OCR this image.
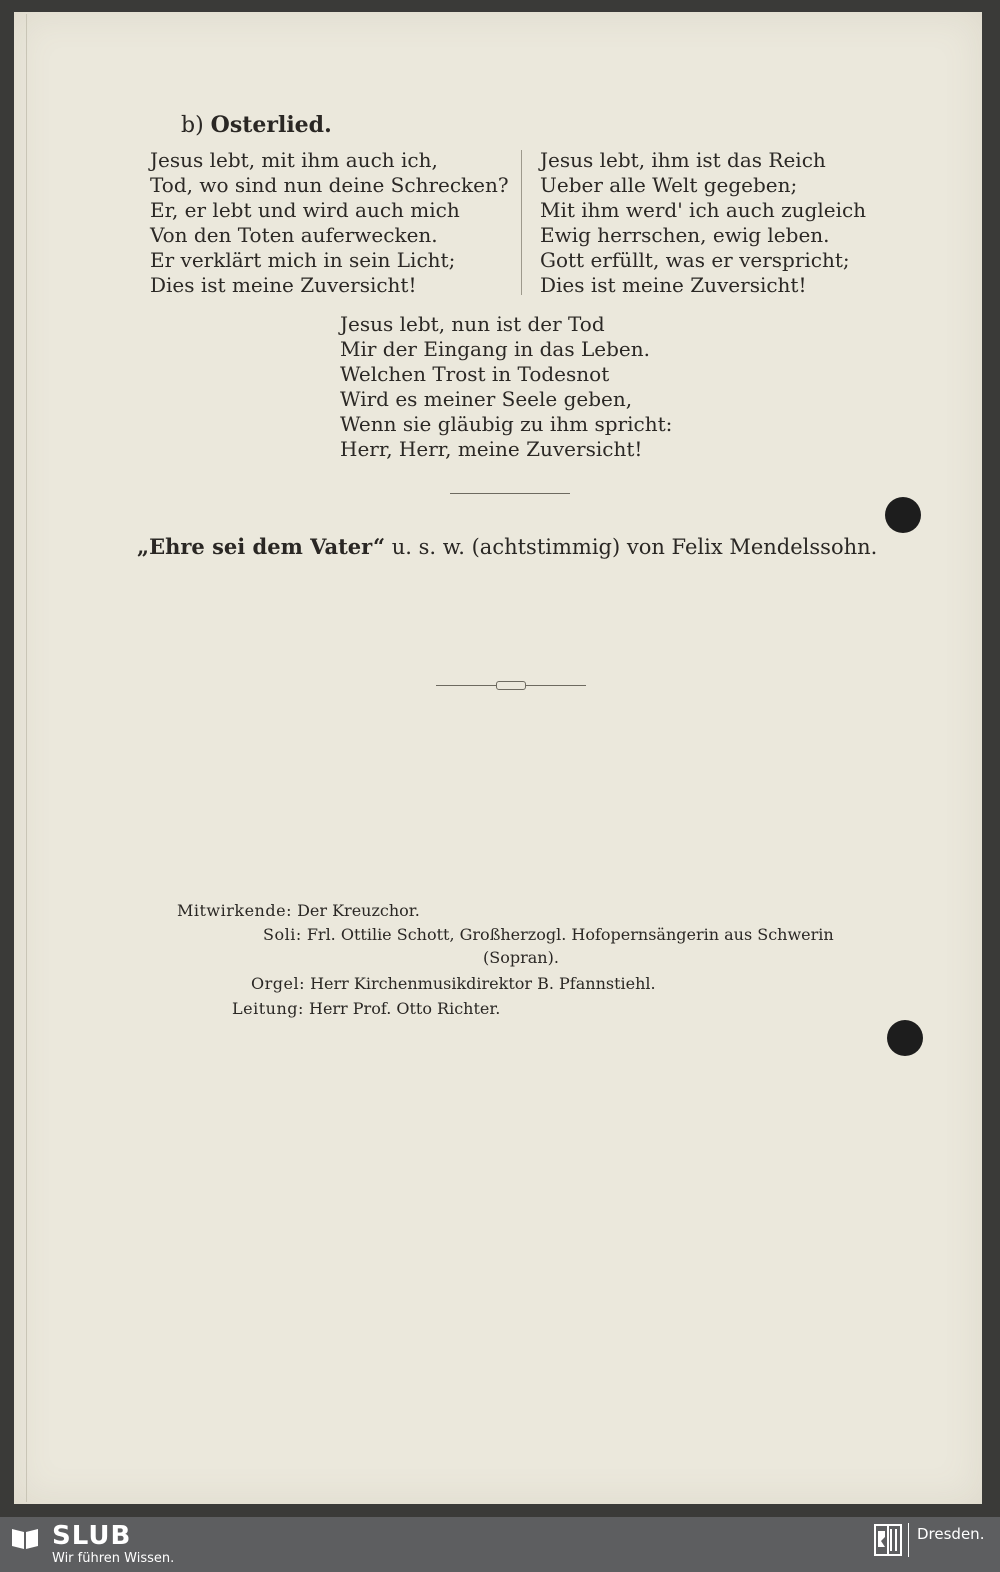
b) Osterlied.
Jesus lebt, mit ihm auch ich,
Tod, wo sind nun deine Schrecken?
Er, er lebt und wird auch mich
Von den Toten auferwecken.
Er verklärt mich in sein Licht;
Dies ist meine Zuversicht!
Jesus lebt, ihm ist das Reich
Ueber alle Welt gegeben;
Mit ihm werd' ich auch zugleich
Ewig herrschen, ewig leben.
Gott erfüllt, was er verspricht;
Dies ist meine Zuversicht!
Jesus lebt, nun ist der Tod
Mir der Eingang in das Leben.
Welchen Trost in Todesnot
Wird es meiner Seele geben,
Wenn sie gläubig zu ihm spricht:
Herr, Herr, meine Zuversicht!
„Ehre sei dem Vater“ u. s. w. (achtstimmig) von Felix Mendelssohn.
Mitwirkende: Der Kreuzchor.
Soli: Frl. Ottilie Schott, Großherzogl. Hofopernsängerin aus Schwerin
(Sopran).
Orgel: Herr Kirchenmusikdirektor B. Pfannstiehl.
Leitung: Herr Prof. Otto Richter.
SLUB
Wir führen Wissen.
Dresden.
